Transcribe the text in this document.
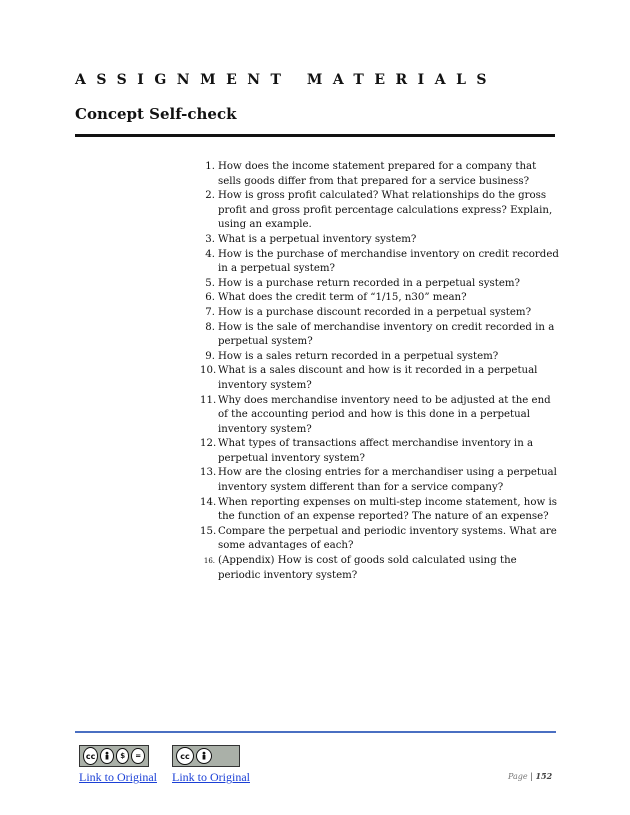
ASSIGNMENT MATERIALS
Concept Self-check
1. How does the income statement prepared for a company that sells goods differ from that prepared for a service business?
2. How is gross profit calculated? What relationships do the gross profit and gross profit percentage calculations express? Explain, using an example.
3. What is a perpetual inventory system?
4. How is the purchase of merchandise inventory on credit recorded in a perpetual system?
5. How is a purchase return recorded in a perpetual system?
6. What does the credit term of “1/15, n30” mean?
7. How is a purchase discount recorded in a perpetual system?
8. How is the sale of merchandise inventory on credit recorded in a perpetual system?
9. How is a sales return recorded in a perpetual system?
10. What is a sales discount and how is it recorded in a perpetual inventory system?
11. Why does merchandise inventory need to be adjusted at the end of the accounting period and how is this done in a perpetual inventory system?
12. What types of transactions affect merchandise inventory in a perpetual inventory system?
13. How are the closing entries for a merchandiser using a perpetual inventory system different than for a service company?
14. When reporting expenses on multi-step income statement, how is the function of an expense reported? The nature of an expense?
15. Compare the perpetual and periodic inventory systems. What are some advantages of each?
16. (Appendix) How is cost of goods sold calculated using the periodic inventory system?
cc	$	=	cc
Link to Original Link to Original	Page | 152
